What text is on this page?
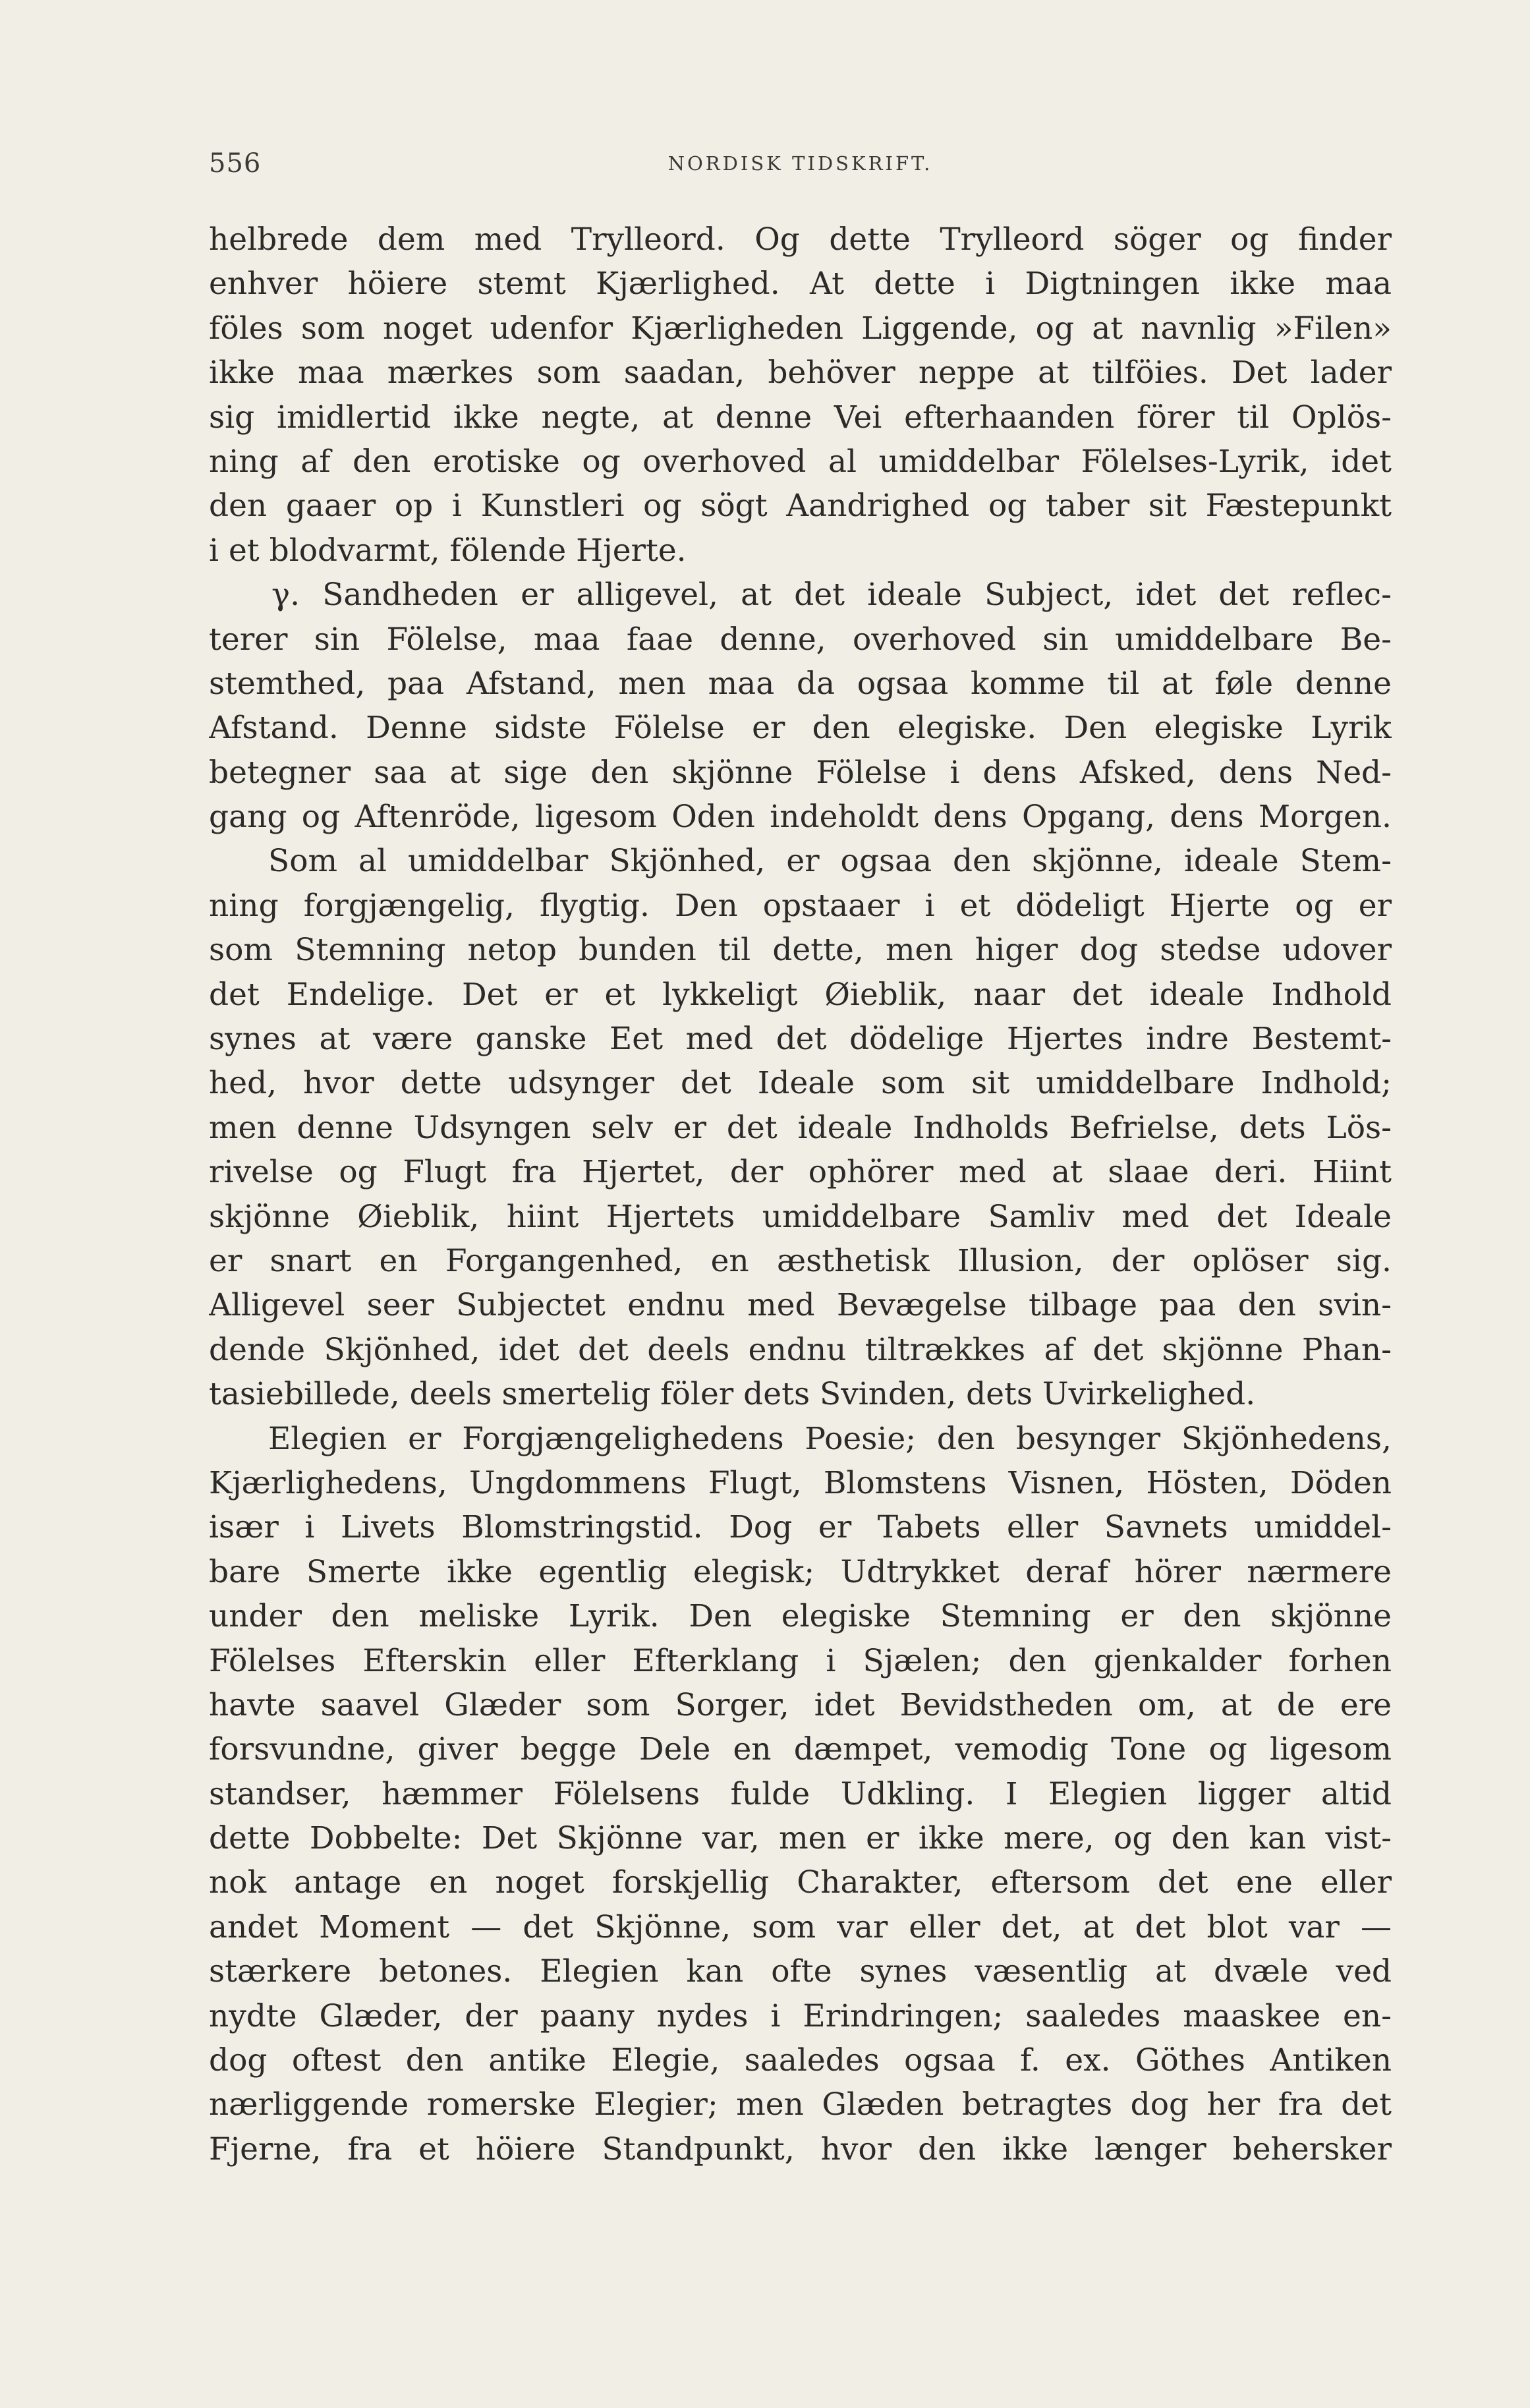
556	NORDISK TIDSKRIFT.
helbrede dem med Trylleord. Og dette Trylleord söger og finder
enhver höiere stemt Kjærlighed. At dette i Digtningen ikke maa
föles som noget udenfor Kjærligheden Liggende, og at navnlig »Filen»
ikke maa mærkes som saadan, behöver neppe at tilföies. Det lader
sig imidlertid ikke negte, at denne Vei efterhaanden förer til Oplös-
ning af den erotiske og overhoved al umiddelbar Fölelses-Lyrik, idet
den gaaer op i Kunstleri og sögt Aandrighed og taber sit Fæstepunkt
i et blodvarmt, fölende Hjerte.
γ. Sandheden er alligevel, at det ideale Subject, idet det reflec-
terer sin Fölelse, maa faae denne, overhoved sin umiddelbare Be-
stemthed, paa Afstand, men maa da ogsaa komme til at føle denne
Afstand. Denne sidste Fölelse er den elegiske. Den elegiske Lyrik
betegner saa at sige den skjönne Fölelse i dens Afsked, dens Ned-
gang og Aftenröde, ligesom Oden indeholdt dens Opgang, dens Morgen.
Som al umiddelbar Skjönhed, er ogsaa den skjönne, ideale Stem-
ning forgjængelig, flygtig. Den opstaaer i et dödeligt Hjerte og er
som Stemning netop bunden til dette, men higer dog stedse udover
det Endelige. Det er et lykkeligt Øieblik, naar det ideale Indhold
synes at være ganske Eet med det dödelige Hjertes indre Bestemt-
hed, hvor dette udsynger det Ideale som sit umiddelbare Indhold;
men denne Udsyngen selv er det ideale Indholds Befrielse, dets Lös-
rivelse og Flugt fra Hjertet, der ophörer med at slaae deri. Hiint
skjönne Øieblik, hiint Hjertets umiddelbare Samliv med det Ideale
er snart en Forgangenhed, en æsthetisk Illusion, der oplöser sig.
Alligevel seer Subjectet endnu med Bevægelse tilbage paa den svin-
dende Skjönhed, idet det deels endnu tiltrækkes af det skjönne Phan-
tasiebillede, deels smertelig föler dets Svinden, dets Uvirkelighed.
Elegien er Forgjængelighedens Poesie; den besynger Skjönhedens,
Kjærlighedens, Ungdommens Flugt, Blomstens Visnen, Hösten, Döden
især i Livets Blomstringstid. Dog er Tabets eller Savnets umiddel-
bare Smerte ikke egentlig elegisk; Udtrykket deraf hörer nærmere
under den meliske Lyrik. Den elegiske Stemning er den skjönne
Fölelses Efterskin eller Efterklang i Sjælen; den gjenkalder forhen
havte saavel Glæder som Sorger, idet Bevidstheden om, at de ere
forsvundne, giver begge Dele en dæmpet, vemodig Tone og ligesom
standser, hæmmer Fölelsens fulde Udkling. I Elegien ligger altid
dette Dobbelte: Det Skjönne var, men er ikke mere, og den kan vist-
nok antage en noget forskjellig Charakter, eftersom det ene eller
andet Moment — det Skjönne, som var eller det, at det blot var —
stærkere betones. Elegien kan ofte synes væsentlig at dvæle ved
nydte Glæder, der paany nydes i Erindringen; saaledes maaskee en-
dog oftest den antike Elegie, saaledes ogsaa f. ex. Göthes Antiken
nærliggende romerske Elegier; men Glæden betragtes dog her fra det
Fjerne, fra et höiere Standpunkt, hvor den ikke længer behersker
